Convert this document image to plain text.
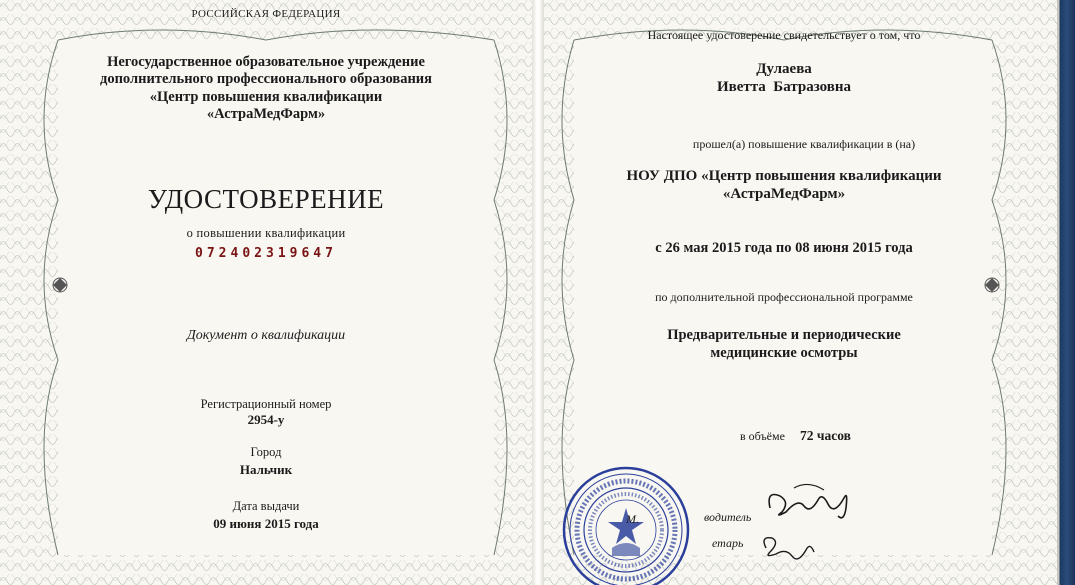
РОССИЙСКАЯ ФЕДЕРАЦИЯ
Негосударственное образовательное учреждение
дополнительного профессионального образования
«Центр повышения квалификации
«АстраМедФарм»
УДОСТОВЕРЕНИЕ
о повышении квалификации
072402319647
Документ о квалификации
Регистрационный номер
2954-у
Город
Нальчик
Дата выдачи
09 июня 2015 года
Настоящее удостоверение свидетельствует о том, что
Дулаева
Иветта  Батразовна
прошел(а) повышение квалификации в (на)
НОУ ДПО «Центр повышения квалификации
«АстраМедФарм»
с 26 мая 2015 года по 08 июня 2015 года
по дополнительной профессиональной программе
Предварительные и периодические
медицинские осмотры
в объёме 72 часов
М.	водитель
етарь
